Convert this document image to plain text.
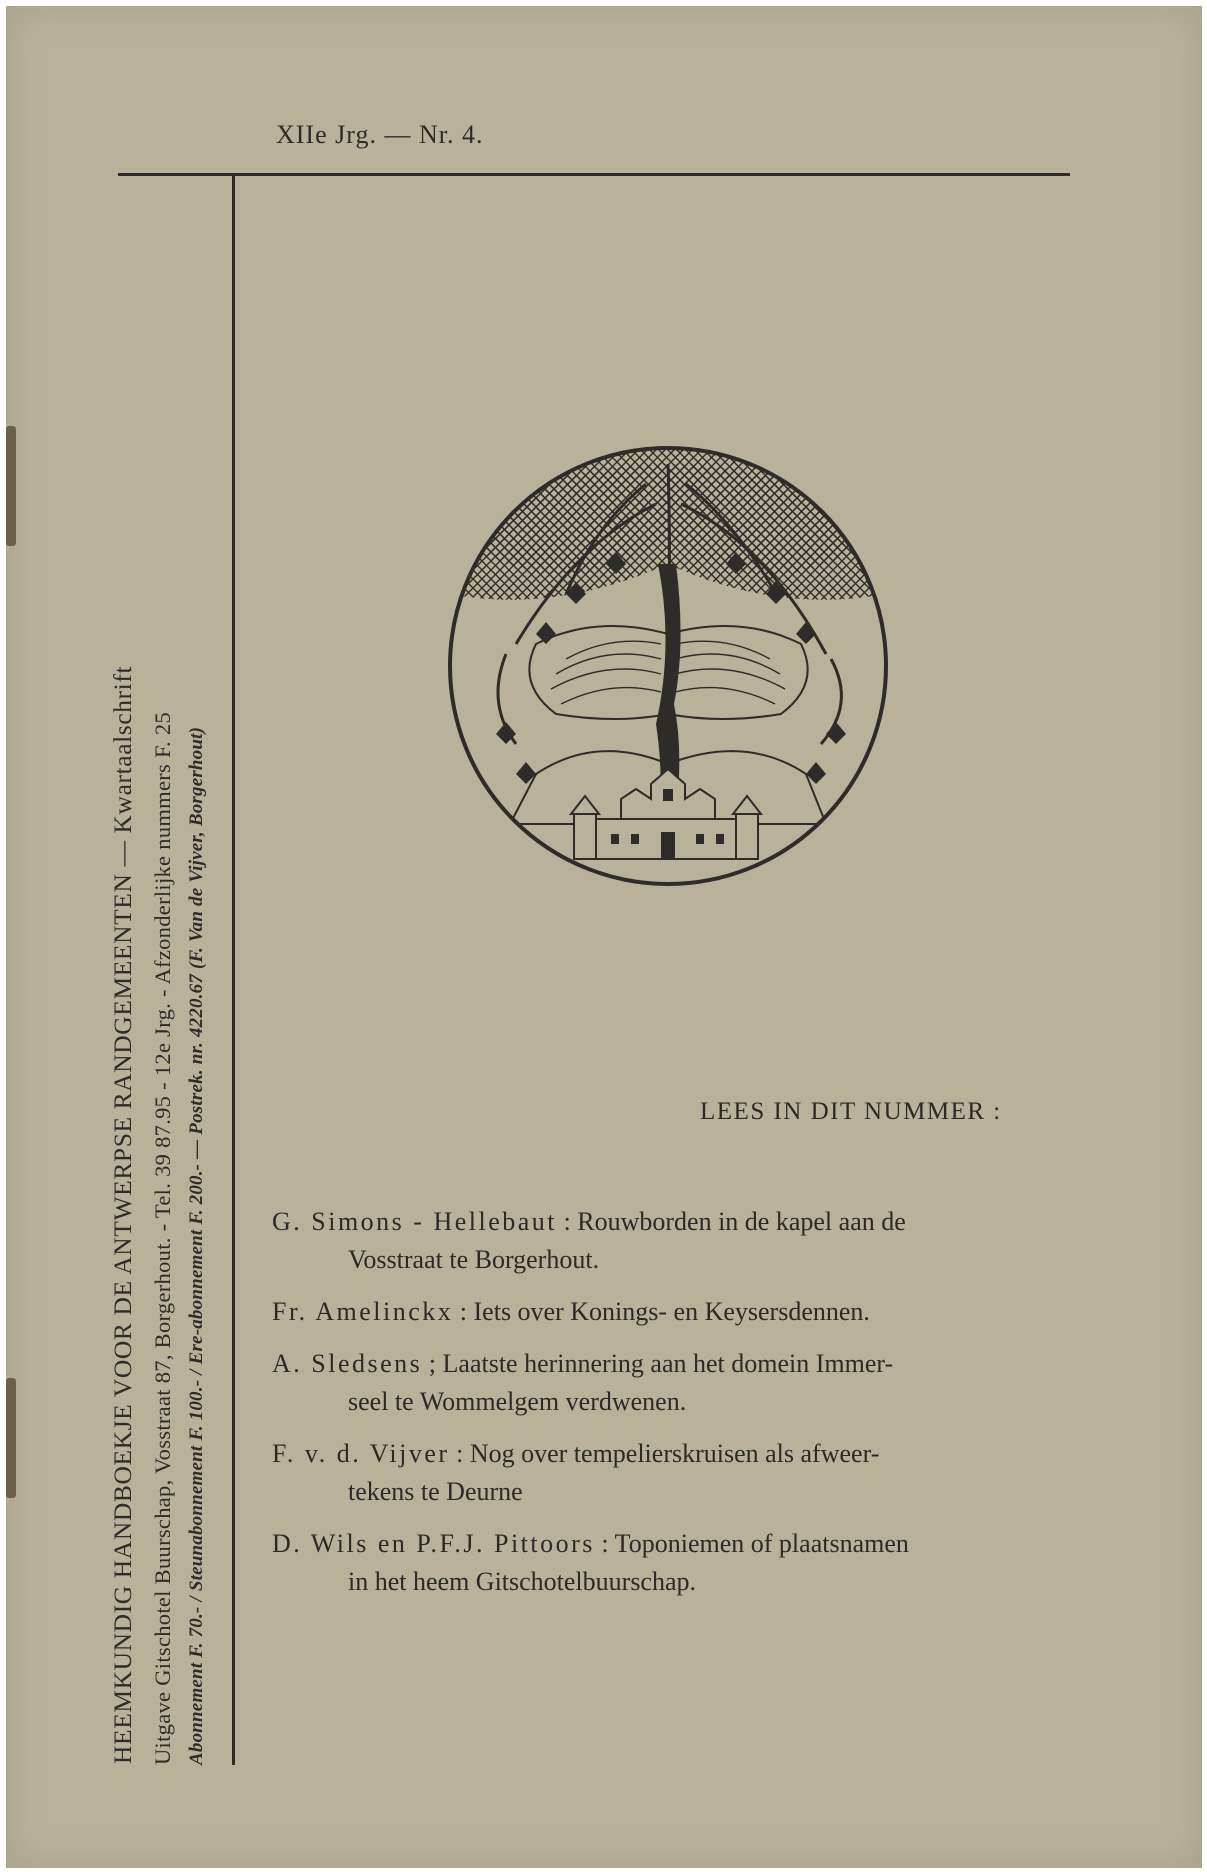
XIIe Jrg. — Nr. 4.
HEEMKUNDIG HANDBOEKJE VOOR DE ANTWERPSE RANDGEMEENTEN — Kwartaalschrift Uitgave Gitschotel Buurschap, Vosstraat 87, Borgerhout. - Tel. 39 87.95 - 12e Jrg. - Afzonderlijke nummers F. 25 Abonnement F. 70.- / Steunabonnement F. 100.- / Ere-abonnement F. 200.- — Postrek. nr. 4220.67 (F. Van de Vijver, Borgerhout)	LEES IN DIT NUMMER :
G. Simons - Hellebaut : Rouwborden in de kapel aan de
Vosstraat te Borgerhout.
Fr. Amelinckx : Iets over Konings- en Keysersdennen.
A. Sledsens ; Laatste herinnering aan het domein Immer-
seel te Wommelgem verdwenen.
F. v. d. Vijver : Nog over tempelierskruisen als afweer-
tekens te Deurne
D. Wils en P.F.J. Pittoors : Toponiemen of plaatsnamen
in het heem Gitschotelbuurschap.
